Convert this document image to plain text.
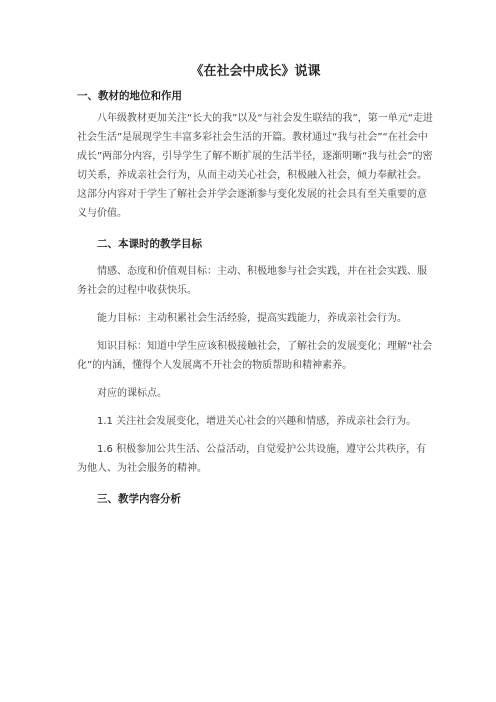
《在社会中成长》说课
一、教材的地位和作用

八年级教材更加关注“长大的我”以及“与社会发生联结的我”，第一单元“走进社会生活”是展现学生丰富多彩社会生活的开篇。教材通过“我与社会”“在社会中成长”两部分内容，引导学生了解不断扩展的生活半径，逐渐明晰“我与社会”的密切关系，养成亲社会行为，从而主动关心社会，积极融入社会，倾力奉献社会。这部分内容对于学生了解社会并学会逐渐参与变化发展的社会具有至关重要的意义与价值。

二、本课时的教学目标

情感、态度和价值观目标：主动、积极地参与社会实践，并在社会实践、服务社会的过程中收获快乐。

能力目标：主动积累社会生活经验，提高实践能力，养成亲社会行为。

知识目标：知道中学生应该积极接触社会，了解社会的发展变化；理解“社会化”的内涵，懂得个人发展离不开社会的物质帮助和精神素养。

对应的课标点。

1.1 关注社会发展变化，增进关心社会的兴趣和情感，养成亲社会行为。

1.6 积极参加公共生活、公益活动，自觉爱护公共设施，遵守公共秩序，有为他人、为社会服务的精神。

三、教学内容分析
